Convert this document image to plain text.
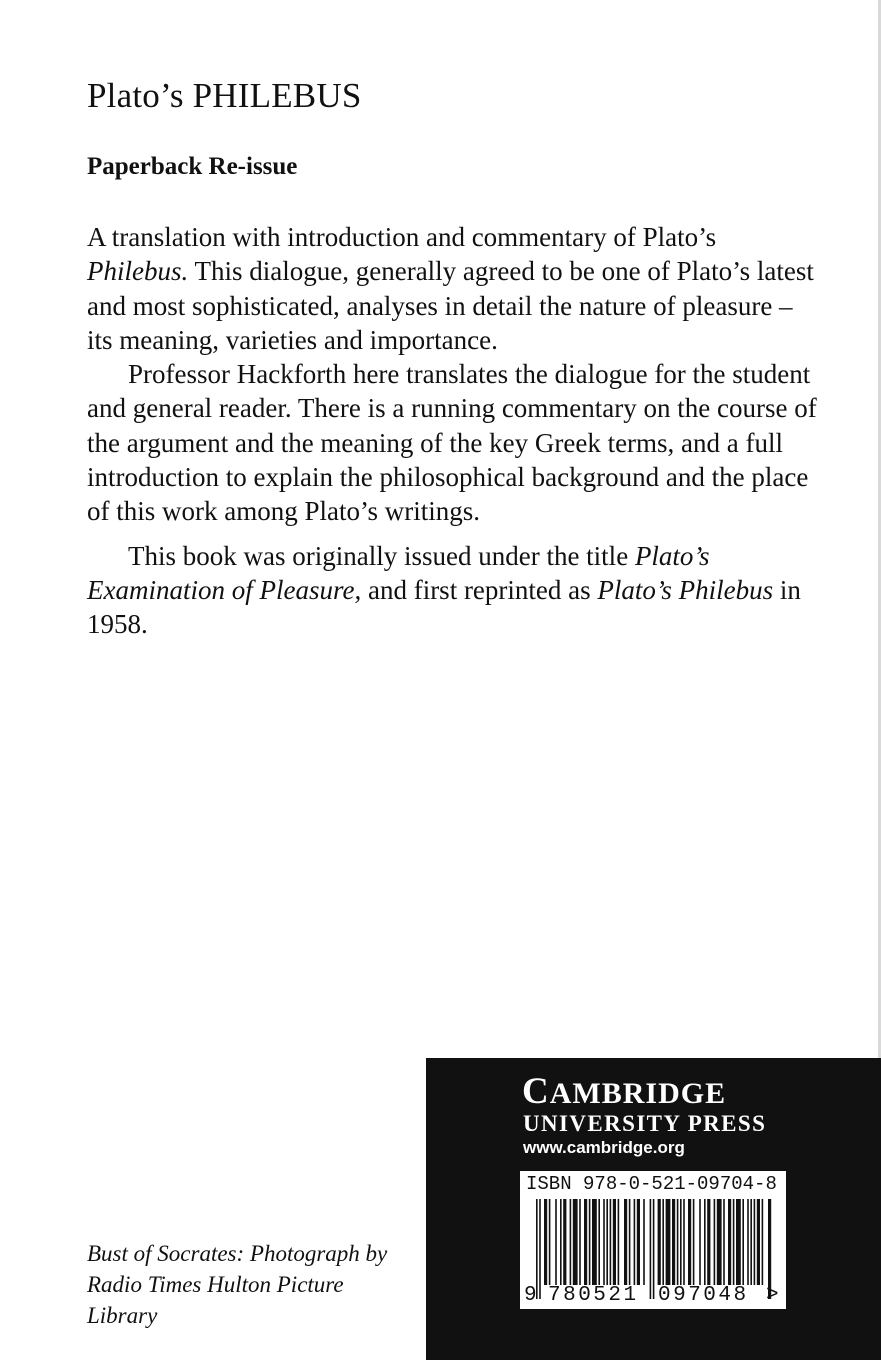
Plato’s PHILEBUS
Paperback Re-issue

A translation with introduction and commentary of Plato’s Philebus. This dialogue, generally agreed to be one of Plato’s latest and most sophisticated, analyses in detail the nature of pleasure – its meaning, varieties and importance.

Professor Hackforth here translates the dialogue for the student and general reader. There is a running commentary on the course of the argument and the meaning of the key Greek terms, and a full introduction to explain the philosophical background and the place of this work among Plato’s writings.

This book was originally issued under the title Plato’s Examination of Pleasure, and first reprinted as Plato’s Philebus in 1958.

Bust of Socrates: Photograph by
Radio Times Hulton Picture Library
CAMBRIDGE
UNIVERSITY PRESS
www.cambridge.org
ISBN 978-0-521-09704-8
9 780521 097048 >
